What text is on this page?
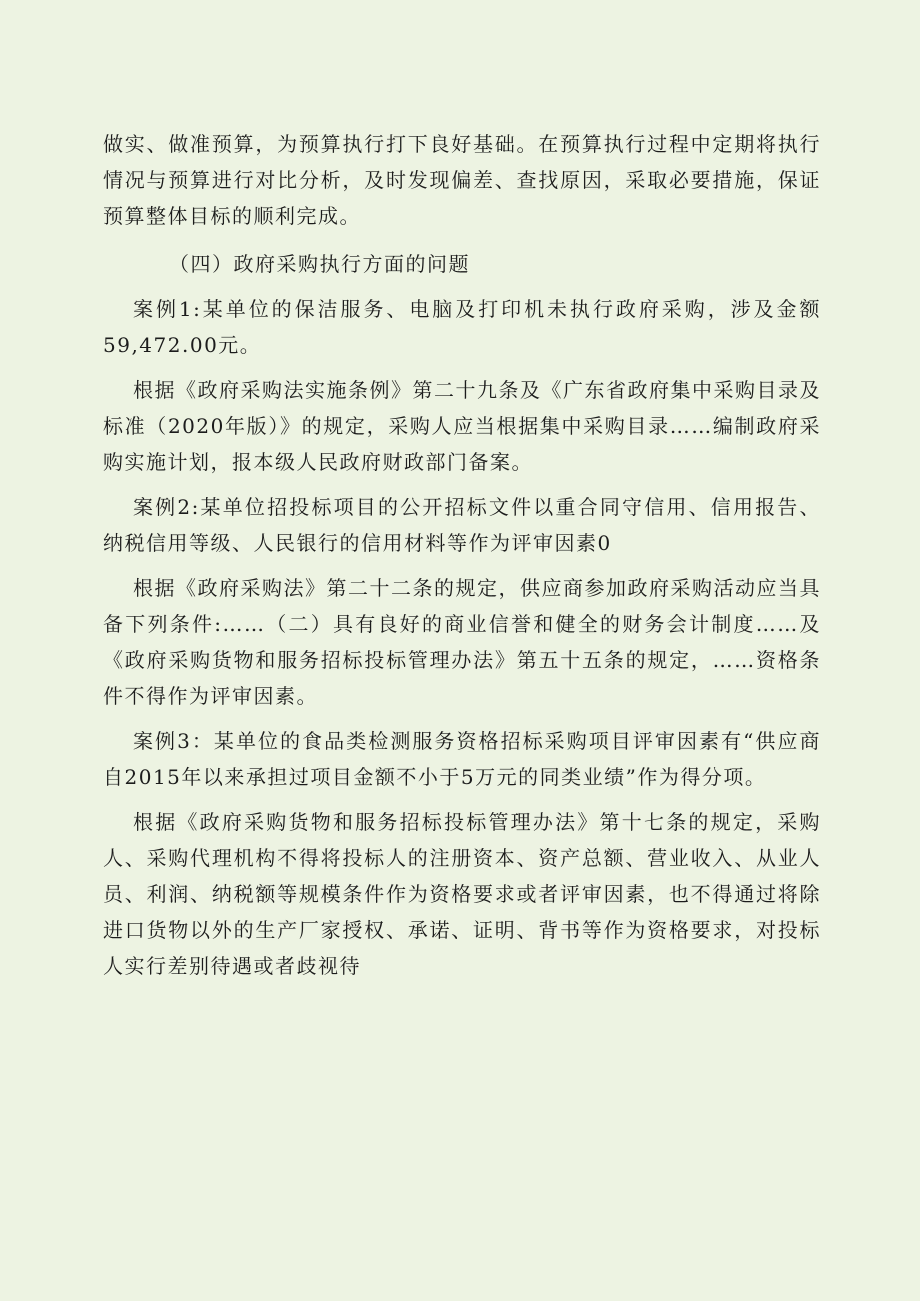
做实、做准预算，为预算执行打下良好基础。在预算执行过程中定期将执行情况与预算进行对比分析，及时发现偏差、查找原因，采取必要措施，保证预算整体目标的顺利完成。

（四）政府采购执行方面的问题

案例1:某单位的保洁服务、电脑及打印机未执行政府采购，涉及金额59,472.00元。

根据《政府采购法实施条例》第二十九条及《广东省政府集中采购目录及标准（2020年版）》的规定，采购人应当根据集中采购目录……编制政府采购实施计划，报本级人民政府财政部门备案。

案例2:某单位招投标项目的公开招标文件以重合同守信用、信用报告、纳税信用等级、人民银行的信用材料等作为评审因素0

根据《政府采购法》第二十二条的规定，供应商参加政府采购活动应当具备下列条件:……（二）具有良好的商业信誉和健全的财务会计制度……及《政府采购货物和服务招标投标管理办法》第五十五条的规定，……资格条件不得作为评审因素。

案例3：某单位的食品类检测服务资格招标采购项目评审因素有“供应商自2015年以来承担过项目金额不小于5万元的同类业绩”作为得分项。

根据《政府采购货物和服务招标投标管理办法》第十七条的规定，采购人、采购代理机构不得将投标人的注册资本、资产总额、营业收入、从业人员、利润、纳税额等规模条件作为资格要求或者评审因素，也不得通过将除进口货物以外的生产厂家授权、承诺、证明、背书等作为资格要求，对投标人实行差别待遇或者歧视待
